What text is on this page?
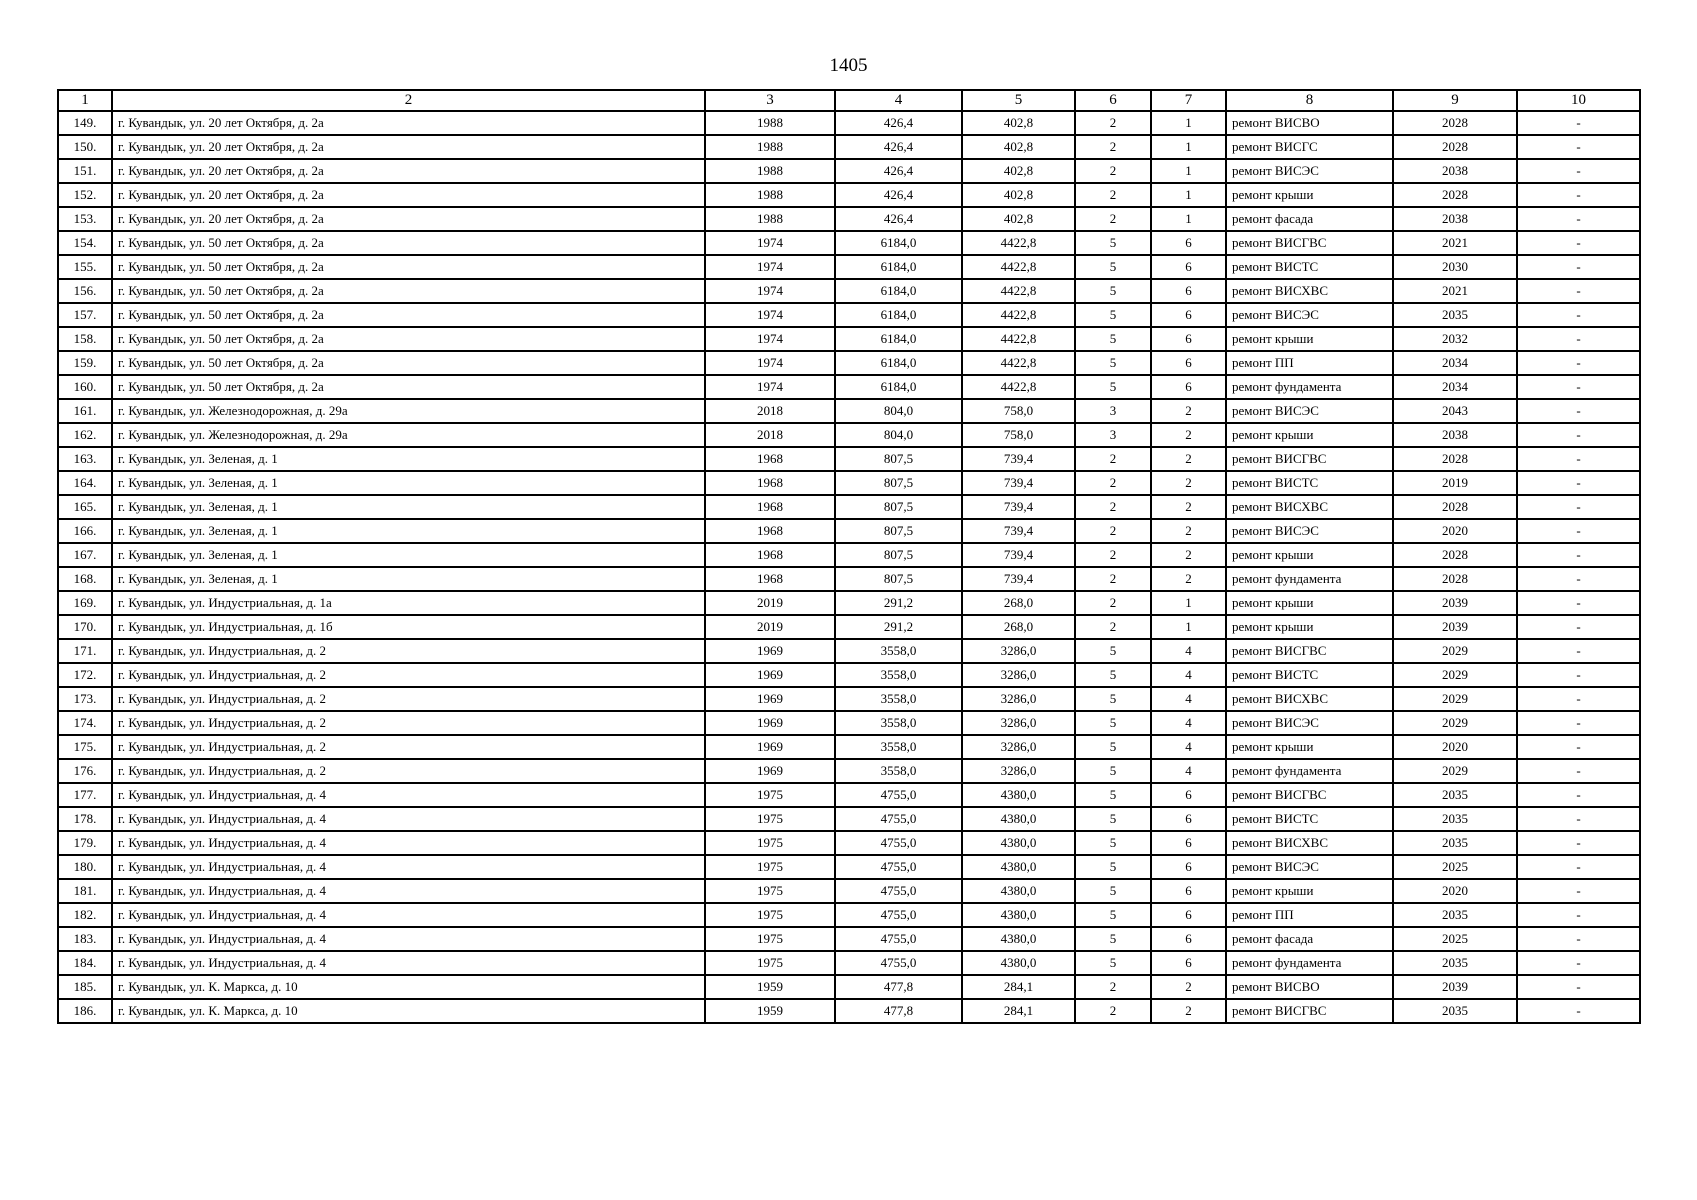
1405
1	2	3	4	5	6	7	8	9	10
149.	г. Кувандык, ул. 20 лет Октября, д. 2а	1988	426,4	402,8	2	1	ремонт ВИСВО	2028	-
150.	г. Кувандык, ул. 20 лет Октября, д. 2а	1988	426,4	402,8	2	1	ремонт ВИСГС	2028	-
151.	г. Кувандык, ул. 20 лет Октября, д. 2а	1988	426,4	402,8	2	1	ремонт ВИСЭС	2038	-
152.	г. Кувандык, ул. 20 лет Октября, д. 2а	1988	426,4	402,8	2	1	ремонт крыши	2028	-
153.	г. Кувандык, ул. 20 лет Октября, д. 2а	1988	426,4	402,8	2	1	ремонт фасада	2038	-
154.	г. Кувандык, ул. 50 лет Октября, д. 2а	1974	6184,0	4422,8	5	6	ремонт ВИСГВС	2021	-
155.	г. Кувандык, ул. 50 лет Октября, д. 2а	1974	6184,0	4422,8	5	6	ремонт ВИСТС	2030	-
156.	г. Кувандык, ул. 50 лет Октября, д. 2а	1974	6184,0	4422,8	5	6	ремонт ВИСХВС	2021	-
157.	г. Кувандык, ул. 50 лет Октября, д. 2а	1974	6184,0	4422,8	5	6	ремонт ВИСЭС	2035	-
158.	г. Кувандык, ул. 50 лет Октября, д. 2а	1974	6184,0	4422,8	5	6	ремонт крыши	2032	-
159.	г. Кувандык, ул. 50 лет Октября, д. 2а	1974	6184,0	4422,8	5	6	ремонт ПП	2034	-
160.	г. Кувандык, ул. 50 лет Октября, д. 2а	1974	6184,0	4422,8	5	6	ремонт фундамента	2034	-
161.	г. Кувандык, ул. Железнодорожная, д. 29а	2018	804,0	758,0	3	2	ремонт ВИСЭС	2043	-
162.	г. Кувандык, ул. Железнодорожная, д. 29а	2018	804,0	758,0	3	2	ремонт крыши	2038	-
163.	г. Кувандык, ул. Зеленая, д. 1	1968	807,5	739,4	2	2	ремонт ВИСГВС	2028	-
164.	г. Кувандык, ул. Зеленая, д. 1	1968	807,5	739,4	2	2	ремонт ВИСТС	2019	-
165.	г. Кувандык, ул. Зеленая, д. 1	1968	807,5	739,4	2	2	ремонт ВИСХВС	2028	-
166.	г. Кувандык, ул. Зеленая, д. 1	1968	807,5	739,4	2	2	ремонт ВИСЭС	2020	-
167.	г. Кувандык, ул. Зеленая, д. 1	1968	807,5	739,4	2	2	ремонт крыши	2028	-
168.	г. Кувандык, ул. Зеленая, д. 1	1968	807,5	739,4	2	2	ремонт фундамента	2028	-
169.	г. Кувандык, ул. Индустриальная, д. 1а	2019	291,2	268,0	2	1	ремонт крыши	2039	-
170.	г. Кувандык, ул. Индустриальная, д. 1б	2019	291,2	268,0	2	1	ремонт крыши	2039	-
171.	г. Кувандык, ул. Индустриальная, д. 2	1969	3558,0	3286,0	5	4	ремонт ВИСГВС	2029	-
172.	г. Кувандык, ул. Индустриальная, д. 2	1969	3558,0	3286,0	5	4	ремонт ВИСТС	2029	-
173.	г. Кувандык, ул. Индустриальная, д. 2	1969	3558,0	3286,0	5	4	ремонт ВИСХВС	2029	-
174.	г. Кувандык, ул. Индустриальная, д. 2	1969	3558,0	3286,0	5	4	ремонт ВИСЭС	2029	-
175.	г. Кувандык, ул. Индустриальная, д. 2	1969	3558,0	3286,0	5	4	ремонт крыши	2020	-
176.	г. Кувандык, ул. Индустриальная, д. 2	1969	3558,0	3286,0	5	4	ремонт фундамента	2029	-
177.	г. Кувандык, ул. Индустриальная, д. 4	1975	4755,0	4380,0	5	6	ремонт ВИСГВС	2035	-
178.	г. Кувандык, ул. Индустриальная, д. 4	1975	4755,0	4380,0	5	6	ремонт ВИСТС	2035	-
179.	г. Кувандык, ул. Индустриальная, д. 4	1975	4755,0	4380,0	5	6	ремонт ВИСХВС	2035	-
180.	г. Кувандык, ул. Индустриальная, д. 4	1975	4755,0	4380,0	5	6	ремонт ВИСЭС	2025	-
181.	г. Кувандык, ул. Индустриальная, д. 4	1975	4755,0	4380,0	5	6	ремонт крыши	2020	-
182.	г. Кувандык, ул. Индустриальная, д. 4	1975	4755,0	4380,0	5	6	ремонт ПП	2035	-
183.	г. Кувандык, ул. Индустриальная, д. 4	1975	4755,0	4380,0	5	6	ремонт фасада	2025	-
184.	г. Кувандык, ул. Индустриальная, д. 4	1975	4755,0	4380,0	5	6	ремонт фундамента	2035	-
185.	г. Кувандык, ул. К. Маркса, д. 10	1959	477,8	284,1	2	2	ремонт ВИСВО	2039	-
186.	г. Кувандык, ул. К. Маркса, д. 10	1959	477,8	284,1	2	2	ремонт ВИСГВС	2035	-
